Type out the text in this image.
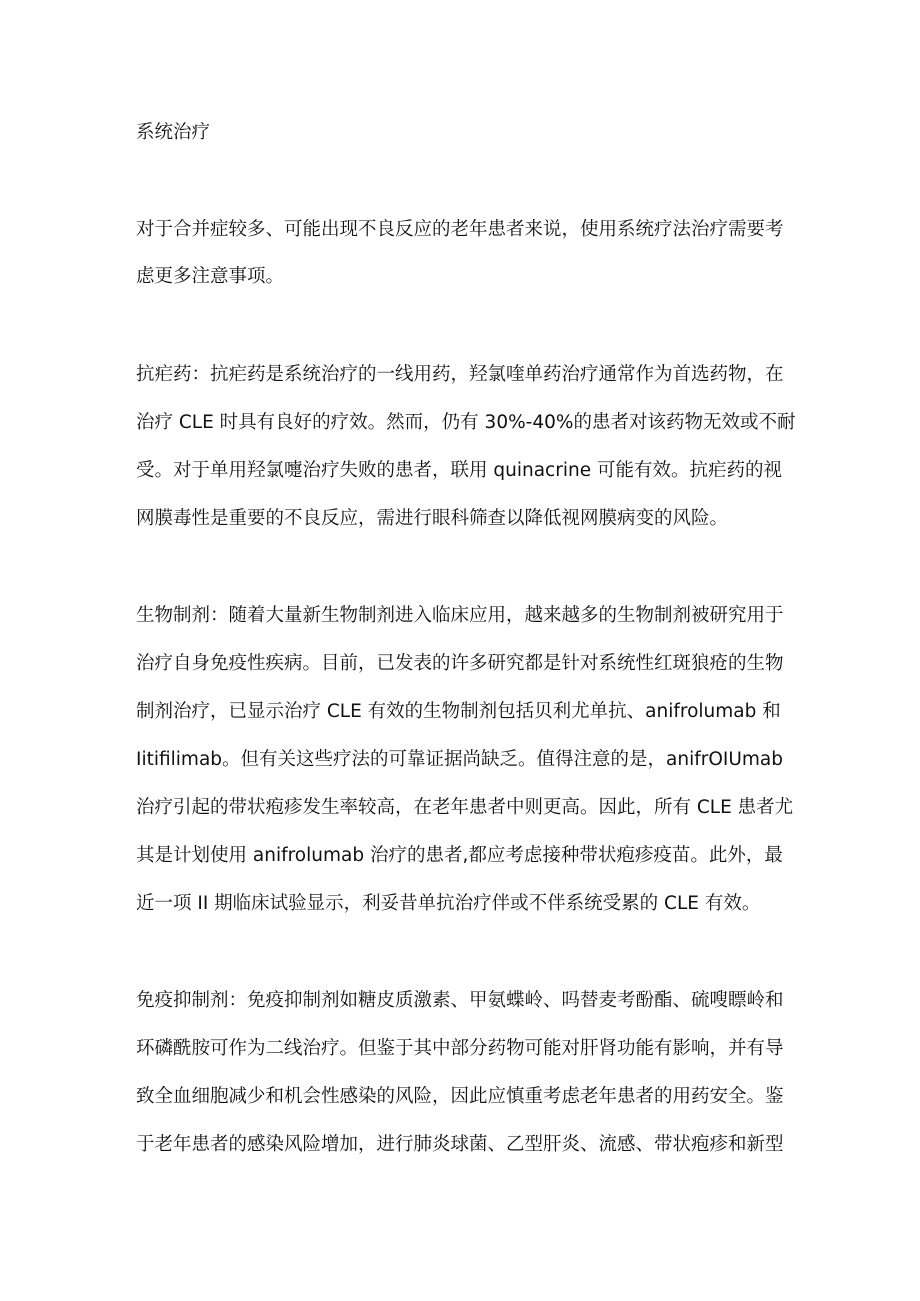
系统治疗
对于合并症较多、可能出现不良反应的老年患者来说，使用系统疗法治疗需要考
虑更多注意事项。
抗疟药：抗疟药是系统治疗的一线用药，羟氯喹单药治疗通常作为首选药物，在
治疗 CLE 时具有良好的疗效。然而，仍有 30%-40%的患者对该药物无效或不耐
受。对于单用羟氯嚏治疗失败的患者，联用 quinacrine 可能有效。抗疟药的视
网膜毒性是重要的不良反应，需进行眼科筛查以降低视网膜病变的风险。
生物制剂：随着大量新生物制剂进入临床应用，越来越多的生物制剂被研究用于
治疗自身免疫性疾病。目前，已发表的许多研究都是针对系统性红斑狼疮的生物
制剂治疗，已显示治疗 CLE 有效的生物制剂包括贝利尤单抗、anifrolumab 和
Iitifilimab。但有关这些疗法的可靠证据尚缺乏。值得注意的是，anifrOIUmab
治疗引起的带状疱疹发生率较高，在老年患者中则更高。因此，所有 CLE 患者尤
其是计划使用 anifrolumab 治疗的患者,都应考虑接种带状疱疹疫苗。此外，最
近一项 II 期临床试验显示，利妥昔单抗治疗伴或不伴系统受累的 CLE 有效。
免疫抑制剂：免疫抑制剂如糖皮质激素、甲氨蝶岭、吗替麦考酚酯、硫嗖瞟岭和
环磷酰胺可作为二线治疗。但鉴于其中部分药物可能对肝肾功能有影响，并有导
致全血细胞减少和机会性感染的风险，因此应慎重考虑老年患者的用药安全。鉴
于老年患者的感染风险增加，进行肺炎球菌、乙型肝炎、流感、带状疱疹和新型
